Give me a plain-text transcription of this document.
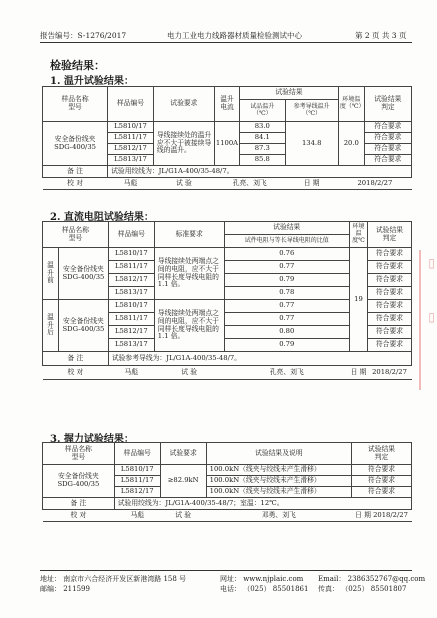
报告编号：S-1276/2017	电力工业电力线路器材质量检验测试中心	第 2 页 共 3 页
检验结果：
1. 温升试验结果：
样品名称
型号	样品编号	试验要求	温升
电流	试验结果		环境温度（℃）	试验结果
判定
				试品温升
（℃）	参考导线温升（℃）		
安全备份线夹
SDG-400/35	L5810/17	导线接续处的温升应不大于被接续导线的温升。	1100A	83.0	134.8	20.0	符合要求
	L5811/17			84.1			符合要求
	L5812/17			87.3			符合要求
	L5813/17			85.8			符合要求
备 注	试验用绞线为：JL/G1A-400/35-48/7。						
校 对	马彪	试 验	孔亮、刘飞		日 期	2018/2/27	
2. 直流电阻试验结果：
样品名称
型号		样品编号	标准要求	试验结果	环境温度℃	试验结果
判定
				试件电阻与等长导线电阻的比值		
温
升
前	安全备份线夹
SDG-400/35	L5810/17	导线接续处两端点之间的电阻，应不大于同样长度导线电阻的 1.1 倍。	0.76	19	符合要求
		L5811/17		0.77		符合要求
		L5812/17		0.79		符合要求
		L5813/17		0.78		符合要求
温
升
后	安全备份线夹
SDG-400/35	L5810/17	导线接续处两端点之间的电阻，应不大于同样长度导线电阻的 1.1 倍。	0.77		符合要求
		L5811/17		0.77		符合要求
		L5812/17		0.80		符合要求
		L5813/17		0.79		符合要求
备 注		试验参考导线为：JL/G1A-400/35-48/7。				
校 对		马彪	试 验	孔亮、刘飞	日 期	2018/2/27
3. 握力试验结果：
样品名称
型号	样品编号	试验要求	试验结果及说明	试验结果
判定
安全备份线夹
SDG-400/35	L5810/17	≥82.9kN	100.0kN（线夹与绞线未产生滑移）	符合要求
	L5811/17		100.0kN（线夹与绞线未产生滑移）	符合要求
	L5812/17		100.0kN（线夹与绞线未产生滑移）	符合要求
备 注	试验用绞线为：JL/G1A-400/35-48/7；室温：12℃。			
校 对	马彪	试 验	邓勇、刘飞	日 期 2018/2/27
地址： 南京市六合经济开发区新港湾路 158 号
邮编： 211599
网址： www.njplaic.com
电话： （025） 85501861
Email： 2386352767@qq.com
传真： （025） 85501807
▯
▯
